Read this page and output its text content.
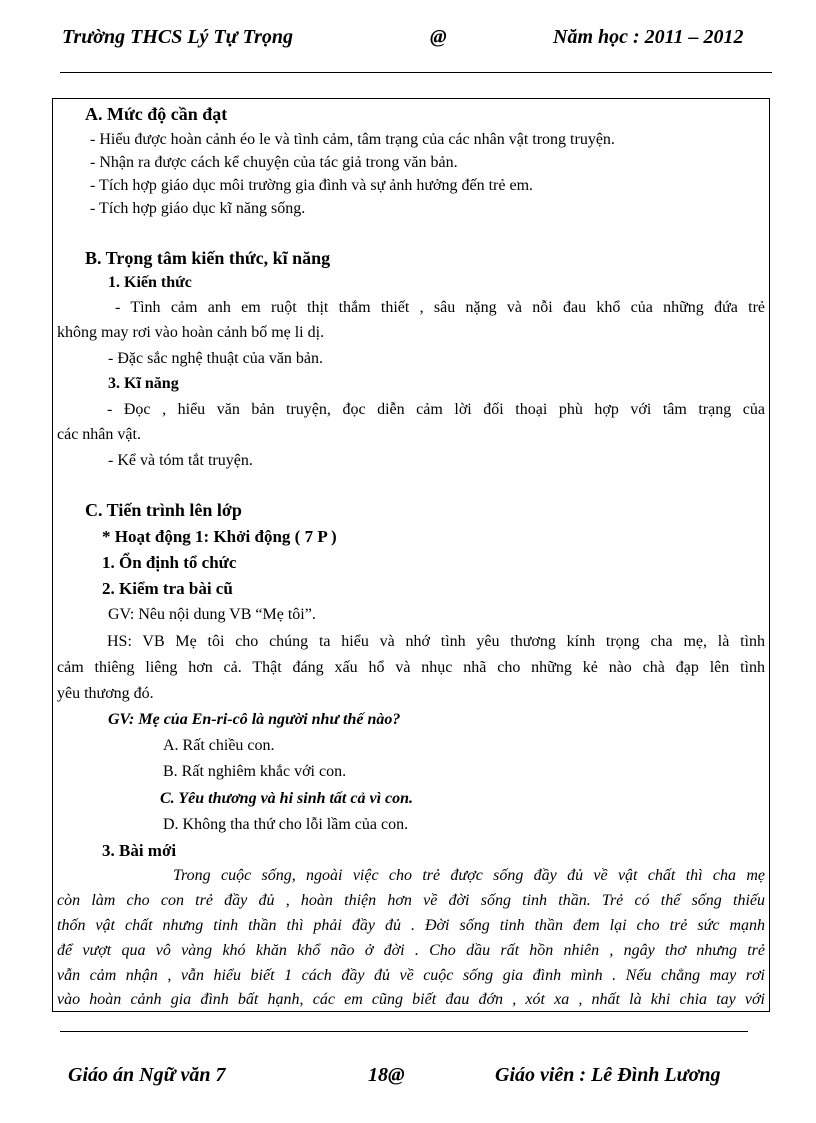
Trường THCS Lý Tự Trọng	@	Năm học : 2011 – 2012
A. Mức độ cần đạt
- Hiểu được hoàn cảnh éo le và tình cảm, tâm trạng của các nhân vật trong truyện.
- Nhận ra được cách kể chuyện của tác giả trong văn bản.
- Tích hợp giáo dục môi trường gia đình và sự ảnh hưởng đến trẻ em.
- Tích hợp giáo dục kĩ năng sống.
B. Trọng tâm kiến thức, kĩ năng
1. Kiến thức
- Tình cảm anh em ruột thịt thắm thiết , sâu nặng và nỗi đau khổ của những đứa trẻ
không may rơi vào hoàn cảnh bố mẹ li dị.
- Đặc sắc nghệ thuật của văn bản.
3. Kĩ năng
- Đọc , hiểu văn bản truyện, đọc diễn cảm lời đối thoại phù hợp với tâm trạng của
các nhân vật.
- Kể và tóm tắt truyện.
C. Tiến trình lên lớp
* Hoạt động 1: Khởi động ( 7 P )
1. Ổn định tổ chức
2. Kiểm tra bài cũ
GV: Nêu nội dung VB “Mẹ tôi”.
HS: VB Mẹ tôi cho chúng ta hiểu và nhớ tình yêu thương kính trọng cha mẹ, là tình
cảm thiêng liêng hơn cả. Thật đáng xấu hổ và nhục nhã cho những kẻ nào chà đạp lên tình
yêu thương đó.
GV: Mẹ của En-ri-cô là người như thế nào?
A. Rất chiều con.
B. Rất nghiêm khắc với con.
C. Yêu thương và hi sinh tất cả vì con.
D. Không tha thứ cho lỗi lầm của con.
3. Bài mới
Trong cuộc sống, ngoài việc cho trẻ được sống đầy đủ về vật chất thì cha mẹ
còn làm cho con trẻ đầy đủ , hoàn thiện hơn về đời sống tinh thần. Trẻ có thể sống thiếu
thốn vật chất nhưng tinh thần thì phải đầy đủ . Đời sống tinh thần đem lại cho trẻ sức mạnh
để vượt qua vô vàng khó khăn khổ não ở đời . Cho dầu rất hồn nhiên , ngây thơ nhưng trẻ
vẫn cảm nhận , vẫn hiểu biết 1 cách đầy đủ về cuộc sống gia đình mình . Nếu chẳng may rơi
vào hoàn cảnh gia đình bất hạnh, các em cũng biết đau đớn , xót xa , nhất là khi chia tay với
Giáo án Ngữ văn 7	18@	Giáo viên : Lê Đình Lương
